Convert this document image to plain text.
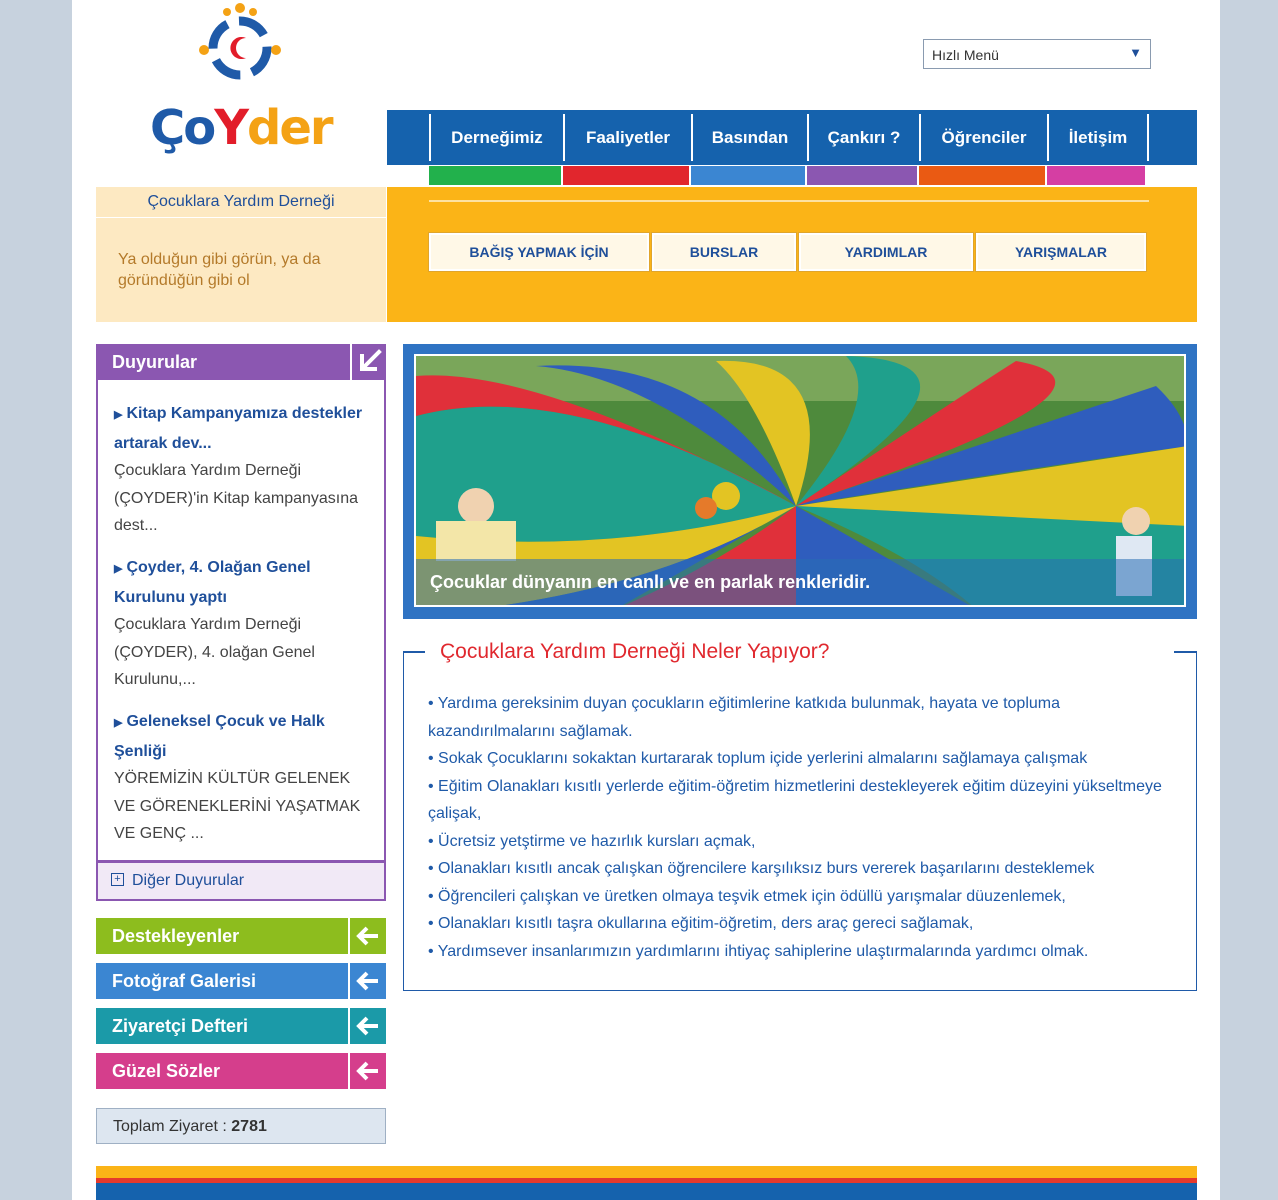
ÇoYder
Hızlı Menü	▼
Derneğimiz	Faaliyetler Basından Çankırı ? Öğrenciler İletişim
Çocuklara Yardım Derneği
Ya olduğun gibi görün, ya da göründüğün gibi ol
BAĞIŞ YAPMAK İÇİN	BURSLAR	YARDIMLAR	YARIŞMALAR
Duyurular
▶ Kitap Kampanyamıza destekler artarak dev...
Çocuklara Yardım Derneği (ÇOYDER)'in Kitap kampanyasına dest...
▶ Çoyder, 4. Olağan Genel Kurulunu yaptı
Çocuklara Yardım Derneği (ÇOYDER), 4. olağan Genel Kurulunu,...
▶ Geleneksel Çocuk ve Halk Şenliği
YÖREMİZİN KÜLTÜR GELENEK VE GÖRENEKLERİNİ YAŞATMAK VE GENÇ ...
+ Diğer Duyurular
Destekleyenler
Fotoğraf Galerisi
Ziyaretçi Defteri
Güzel Sözler
Toplam Ziyaret : 2781
Çocuklar dünyanın en canlı ve en parlak renkleridir.
• Yardıma gereksinim duyan çocukların eğitimlerine katkıda bulunmak, hayata ve topluma kazandırılmalarını sağlamak.
• Sokak Çocuklarını sokaktan kurtararak toplum içide yerlerini almalarını sağlamaya çalışmak
• Eğitim Olanakları kısıtlı yerlerde eğitim-öğretim hizmetlerini destekleyerek eğitim düzeyini yükseltmeye çalişak,
• Ücretsiz yetştirme ve hazırlık kursları açmak,
• Olanakları kısıtlı ancak çalışkan öğrencilere karşılıksız burs vererek başarılarını desteklemek
• Öğrencileri çalışkan ve üretken olmaya teşvik etmek için ödüllü yarışmalar düuzenlemek,
• Olanakları kısıtlı taşra okullarına eğitim-öğretim, ders araç gereci sağlamak,
• Yardımsever insanlarımızın yardımlarını ihtiyaç sahiplerine ulaştırmalarında yardımcı olmak.
Çocuklara Yardım Derneği Neler Yapıyor?
